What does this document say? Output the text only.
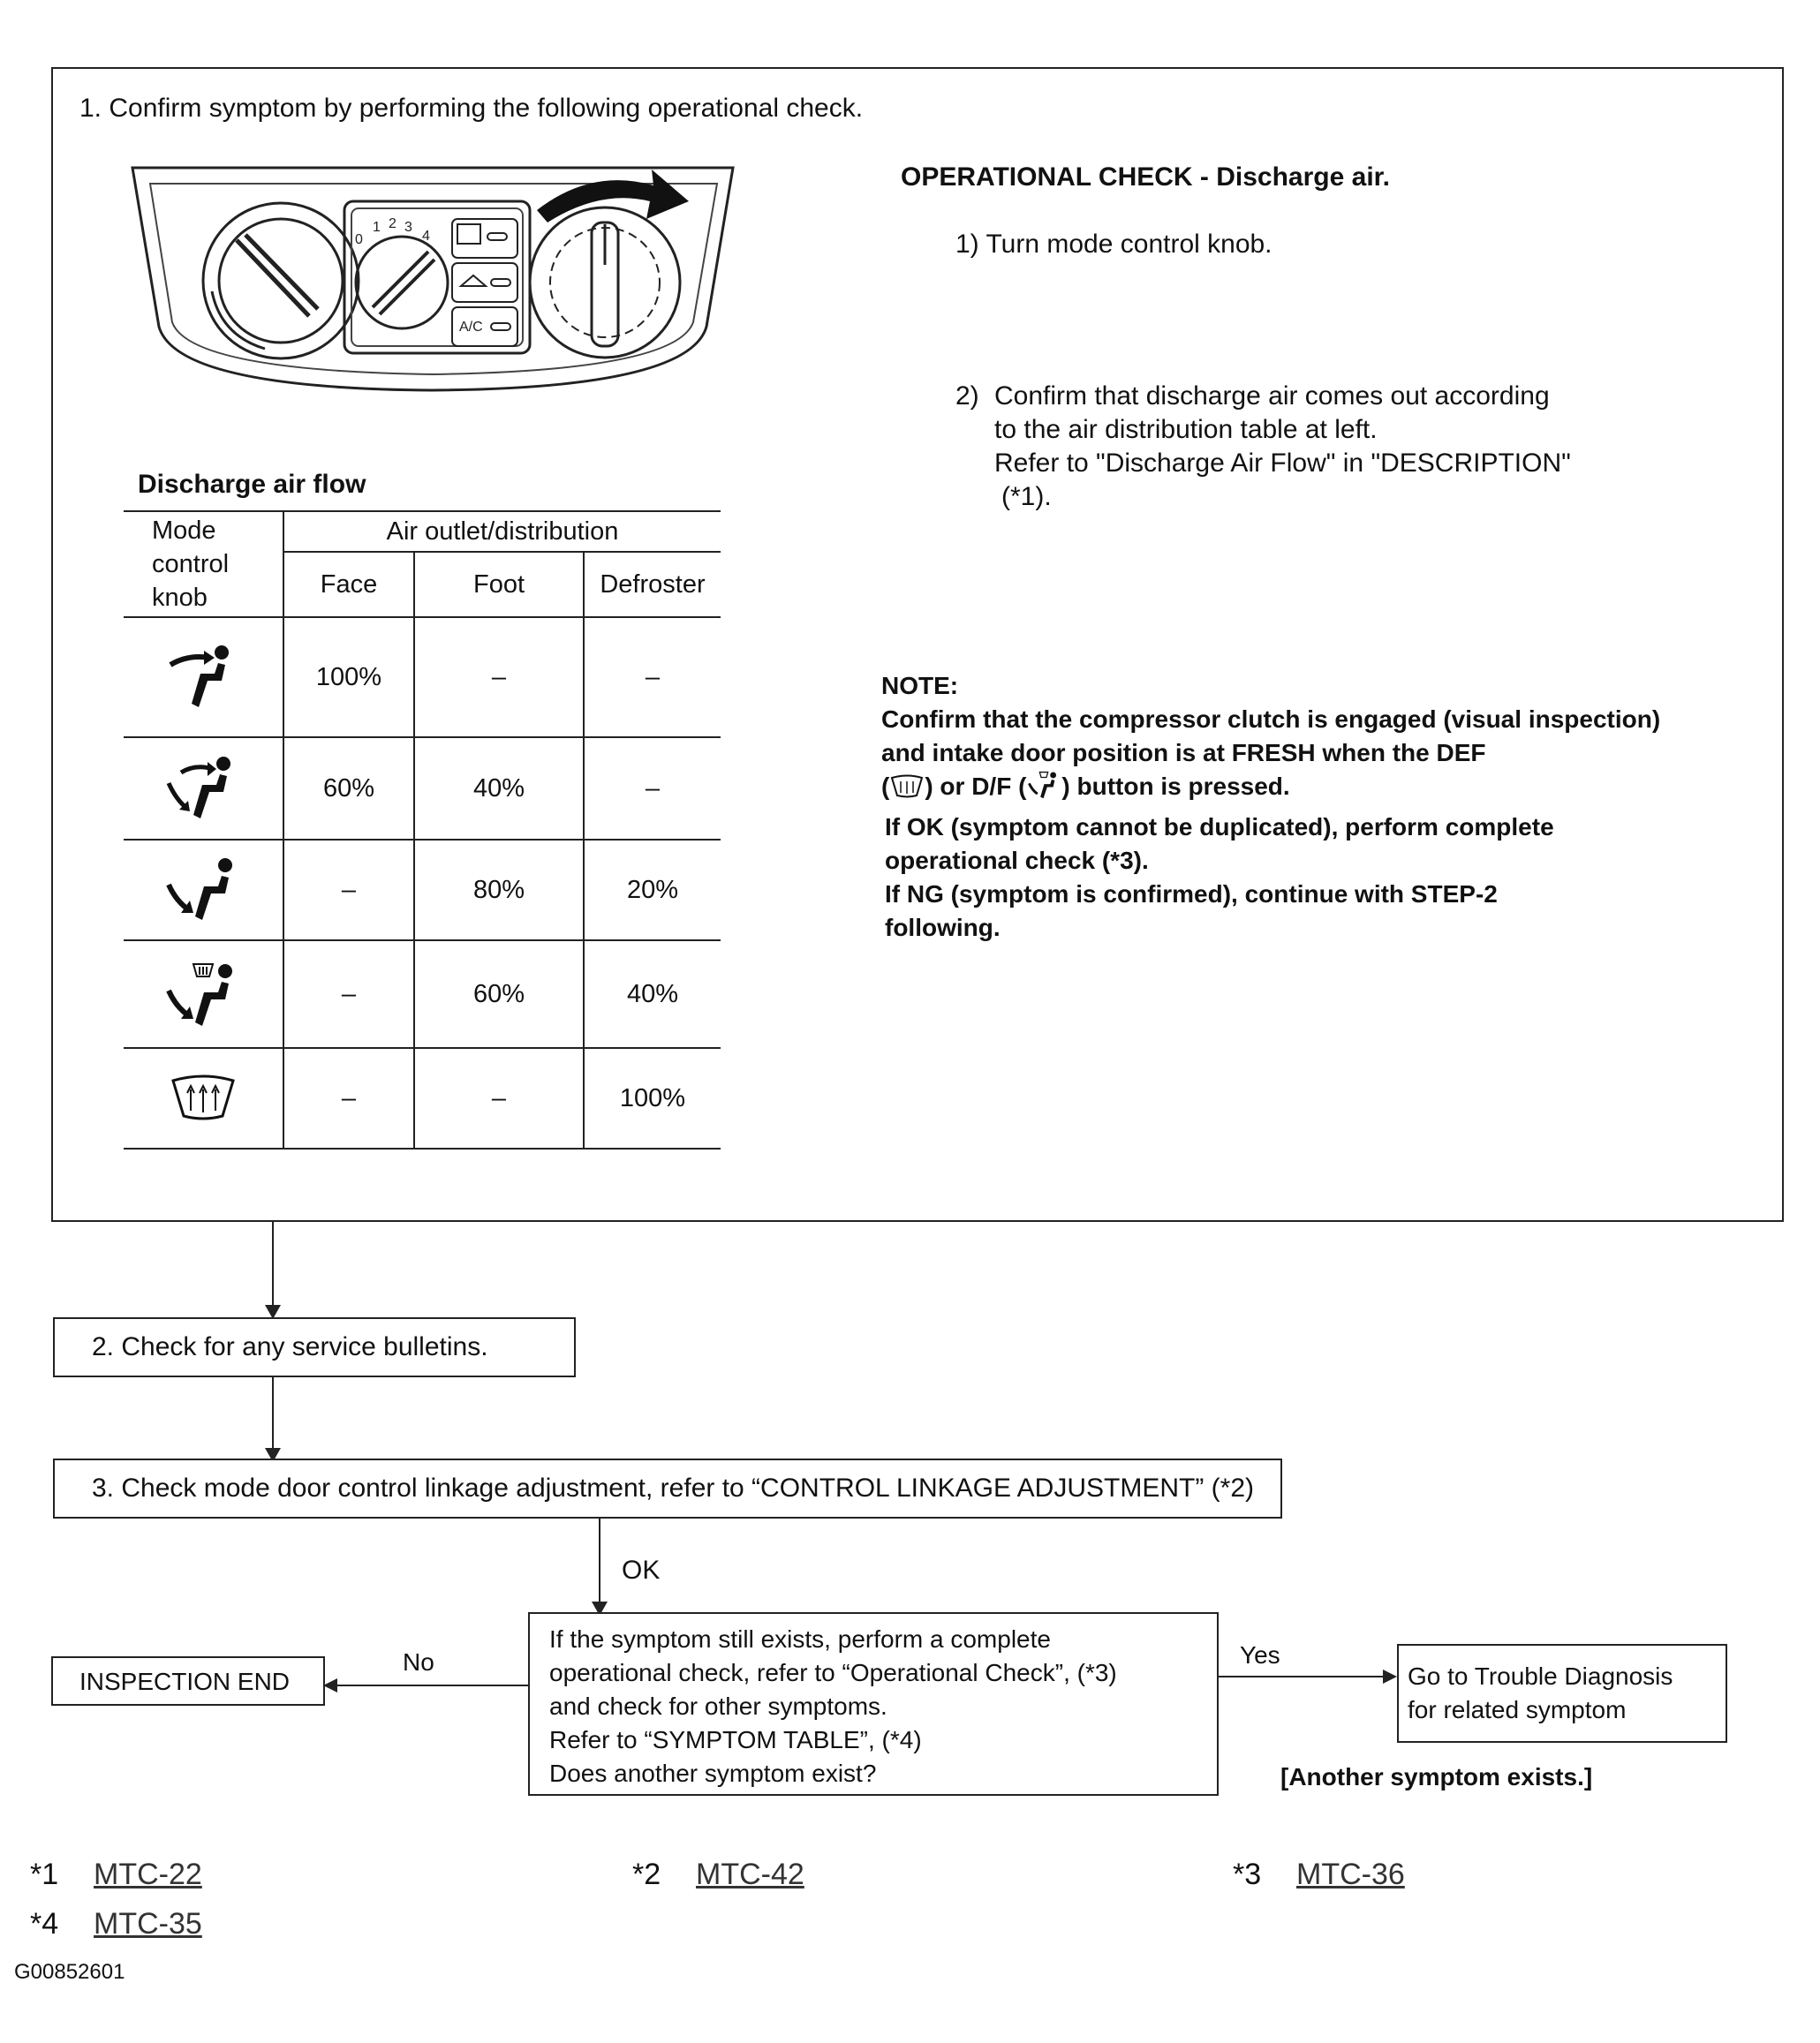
1. Confirm symptom by performing the following operational check.
0
1 2 3
4
A/C
OPERATIONAL CHECK - Discharge air.
1) Turn mode control knob.
2) Confirm that discharge air comes out according
to the air distribution table at left.
Refer to "Discharge Air Flow" in "DESCRIPTION"
(*1).
Discharge air flow
Mode
control
knob	Air outlet/distribution		
	Face	Foot	Defroster

	100%	–	–

	60%	40%	–

	–	80%	20%

	–	60%	40%

	–	–	100%
NOTE:
Confirm that the compressor clutch is engaged (visual inspection)
and intake door position is at FRESH when the DEF
( ) or D/F ( ) button is pressed.
If OK (symptom cannot be duplicated), perform complete
operational check (*3).
If NG (symptom is confirmed), continue with STEP-2
following.
2. Check for any service bulletins.
3. Check mode door control linkage adjustment, refer to “CONTROL LINKAGE ADJUSTMENT” (*2)
OK
If the symptom still exists, perform a complete
operational check, refer to “Operational Check”, (*3)
and check for other symptoms.
Refer to “SYMPTOM TABLE”, (*4)
Does another symptom exist?
No
INSPECTION END
Yes
Go to Trouble Diagnosis
for related symptom
[Another symptom exists.]
*1 MTC-22	*2 MTC-42	*3 MTC-36
*4 MTC-35
G00852601
